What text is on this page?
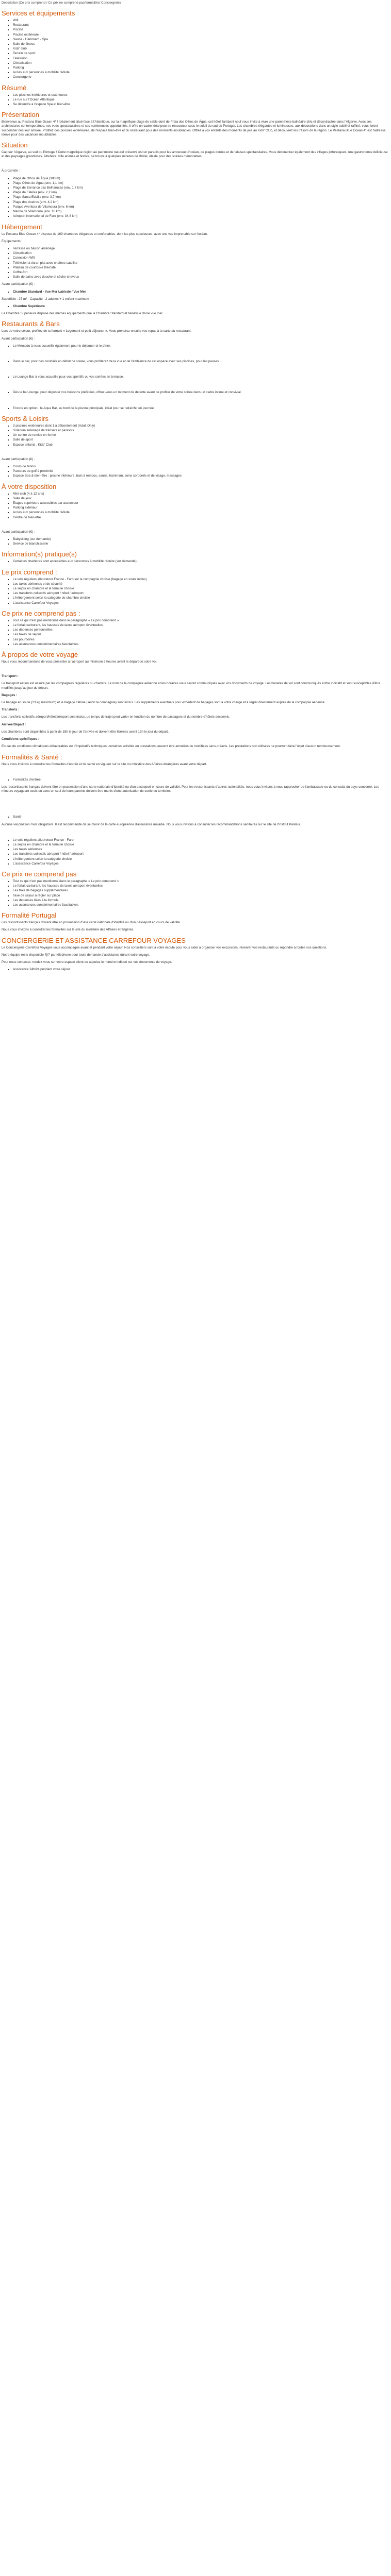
Description (Ce prix comprend / Ce prix ne comprend pas/formalités/ Conciergerie)
Services et équipements
▪ Wifi
▪ Restaurant
▪ Piscine
▪ Piscine extérieure
▪ Sauna - Hammam - Spa
▪ Salle de fitness
▪ Kids' club
▪ Terrain de sport
▪ Télévision
▪ Climatisation
▪ Parking
▪ Accès aux personnes à mobilité réduite
▪ Conciergerie
Résumé
▪ Les piscines intérieures et extérieures
▪ Le rue sur l'Océan Atlantique
▪ Se détendre à l'espace Spa et bien-être
Présentation

Bienvenue au Pestana Blue Ocean 4* ! Idéalement situé face à l'Atlantique, sur la magnifique plage de sable doré de Praia dos Olhos de Água, cet hôtel flambant neuf vous invite à vivre une parenthèse balnéaire chic et décontractée dans l'Algarve. Avec ses architectures contemporaines, ses vues spectaculaires et ses nombreuses opportunités, il offre un cadre idéal pour se ressourcer sous le soleil du sud du Portugal. Les chambres élégantes et lumineuses, aux décorations dans un style subtil et raffiné, vous feront succomber dès leur arrivée. Profitez des piscines extérieures, de l'espace bien-être et du restaurant pour des moments inoubliables. Offrez à vos enfants des moments de joie au Kids' Club, et découvrez les trésors de la région. Le Pestana Blue Ocean 4* est l'adresse idéale pour des vacances inoubliables.

Situation

Cap sur l'Algarve, au sud du Portugal ! Cette magnifique région au patrimoine naturel préservé est un paradis pour les amoureux d'océan, de plages dorées et de falaises spectaculaires. Vous découvrirez également des villages pittoresques, une gastronomie délicieuse et des paysages grandioses. Albufeira, ville animée et festive, se trouve à quelques minutes de l'hôtel, idéale pour des soirées mémorables.

À proximité :

▪ Plage de Olhos de Água (300 m)
▪ Plage Olhos de Água (env. 1,1 km)
▪ Plage de Barranco das Belharucas (env. 1,7 km)
▪ Plage da Falésia (env. 2,2 km)
▪ Plage Santa Eulália (env. 3,7 km)
▪ Plage dos Aveiros (env. 4,2 km)
▪ Parque Aventura de Vilamoura (env. 6 km)
▪ Marina de Vilamoura (env. 10 km)
▪ Aéroport international de Faro (env. 34,8 km)
Hébergement

Le Pestana Blue Ocean 4* dispose de 169 chambres élégantes et confortables, dont les plus spacieuses, avec une vue imprenable sur l'océan.

Équipements :

▪ Terrasse ou balcon aménagé
▪ Climatisation
▪ Connexion Wifi
▪ Télévision à écran plat avec chaînes satellite
▪ Plateau de courtoisie thé/café
▪ Coffre-fort
▪ Salle de bains avec douche et sèche-cheveux

Avant participation (€) :

▪ Chambre Standard - Vue Mer Latérale / Vue Mer

Superficie : 27 m² - Capacité : 2 adultes + 1 enfant maximum

▪ Chambre Supérieure

La Chambre Supérieure dispose des mêmes équipements que la Chambre Standard et bénéficie d'une vue mer.

Restaurants & Bars

Lors de votre séjour, profitez de la formule « Logement et petit déjeuner ». Vous prendrez ensuite vos repas à la carte au restaurant.

Avant participation (€) :

▪ Le Mercado à nous accueillir également pour le déjeuner et le dîner.
▪ Dans le bar, pour des cocktails en début de soirée, vous profiterez de la vue et de l'ambiance de cet espace avec ses piscines, pour les pauses.
▪ Le Lounge Bar à vous accueille pour vos apéritifs ou vos soirées en terrasse.
▪ Dès le bar-lounge, pour déguster vos boissons préférées, offrez-vous un moment de détente avant de profiter de votre soirée dans un cadre intime et convivial.
▪ Encore en option : le Aqua Bar, au bord de la piscine principale, idéal pour se rafraîchir en journée.
Sports & Loisirs
▪ 3 piscines extérieures dont 1 à débordement (Adult Only)
▪ Solarium aménagé de transats et parasols
▪ Un centre de remise en forme
▪ Salle de sport
▪ Espace enfants : Kids' Club

Avant participation (€) :

▪ Cours de tennis
▪ Parcours de golf à proximité
▪ Espace Spa & bien-être : piscine intérieure, bain à remous, sauna, hammam, soins corporels et de visage, massages
À votre disposition
▪ Mini-club (4 à 12 ans)
▪ Salle de jeux
▪ Étages supérieurs accessibles par ascenseur
▪ Parking extérieur
▪ Accès aux personnes à mobilité réduite
▪ Centre de bien-être

Avant participation (€) :

▪ Babysitting (sur demande)
▪ Service de blanchisserie
Information(s) pratique(s)
▪ Certaines chambres sont accessibles aux personnes à mobilité réduite (sur demande)
Le prix comprend :
▪ Le vols réguliers aller/retour France - Faro sur la compagnie choisie (bagage en soute inclus)
▪ Les taxes aériennes et de sécurité
▪ Le séjour en chambre et la formule choisie
▪ Les transferts collectifs aéroport / hôtel / aéroport
▪ L'hébergement selon la catégorie de chambre choisie
▪ L'assistance Carrefour Voyages
Ce prix ne comprend pas :
▪ Tout ce qui n'est pas mentionné dans le paragraphe « Le prix comprend »
▪ Le forfait carburant, les hausses de taxes aéroport éventuelles
▪ Les dépenses personnelles
▪ Les taxes de séjour
▪ Les pourboires
▪ Les assurances complémentaires facultatives
À propos de votre voyage

Nous vous recommandons de vous présenter à l'aéroport au minimum 2 heures avant le départ de votre vol.

Transport :

Le transport aérien est assuré par les compagnies régulières ou charters. Le nom de la compagnie aérienne et les horaires vous seront communiqués avec vos documents de voyage. Les horaires de vol sont communiqués à titre indicatif et sont susceptibles d'être modifiés jusqu'au jour du départ.

Bagages :

Le bagage en soute (23 kg maximum) et le bagage cabine (selon la compagnie) sont inclus. Les suppléments éventuels pour excédent de bagages sont à votre charge et à régler directement auprès de la compagnie aérienne.

Transferts :

Les transferts collectifs aéroport/hôtel/aéroport sont inclus. Le temps de trajet peut varier en fonction du nombre de passagers et du nombre d'hôtels desservis.

Arrivée/Départ :

Les chambres sont disponibles à partir de 15h le jour de l'arrivée et doivent être libérées avant 12h le jour du départ.

Conditions spécifiques :

En cas de conditions climatiques défavorables ou d'impératifs techniques, certaines activités ou prestations peuvent être annulées ou modifiées sans préavis. Les prestations non utilisées ne pourront faire l'objet d'aucun remboursement.

Formalités & Santé :

Nous vous invitons à consulter les formalités d'entrée et de santé en vigueur sur le site du ministère des Affaires étrangères avant votre départ.

▪ Formalités d'entrée

Les ressortissants français doivent être en possession d'une carte nationale d'identité ou d'un passeport en cours de validité. Pour les ressortissants d'autres nationalités, nous vous invitons à vous rapprocher de l'ambassade ou du consulat du pays concerné. Les mineurs voyageant seuls ou avec un seul de leurs parents doivent être munis d'une autorisation de sortie du territoire.

▪ Santé

Aucune vaccination n'est obligatoire. Il est recommandé de se munir de la carte européenne d'assurance maladie. Nous vous invitons à consulter les recommandations sanitaires sur le site de l'Institut Pasteur.

▪ Le vols réguliers aller/retour France - Faro
▪ Le séjour en chambre et la formule choisie
▪ Les taxes aériennes
▪ Les transferts collectifs aéroport / hôtel / aéroport
▪ L'hébergement selon la catégorie choisie
▪ L'assistance Carrefour Voyages
Ce prix ne comprend pas
▪ Tout ce qui n'est pas mentionné dans le paragraphe « Le prix comprend »
▪ Le forfait carburant, les hausses de taxes aéroport éventuelles
▪ Les frais de bagages supplémentaires
▪ Taxe de séjour à régler sur place
▪ Les dépenses liées à la formule
▪ Les assurances complémentaires facultatives
Formalité Portugal

Les ressortissants français doivent être en possession d'une carte nationale d'identité ou d'un passeport en cours de validité.

Nous vous invitons à consulter les formalités sur le site du ministère des Affaires étrangères.

CONCIERGERIE ET ASSISTANCE CARREFOUR VOYAGES

Le Conciergerie Carrefour Voyages vous accompagne avant et pendant votre séjour. Nos conseillers sont à votre écoute pour vous aider à organiser vos excursions, réserver vos restaurants ou répondre à toutes vos questions.

Notre équipe reste disponible 7j/7 par téléphone pour toute demande d'assistance durant votre voyage.

Pour nous contacter, rendez-vous sur votre espace client ou appelez le numéro indiqué sur vos documents de voyage.

▪ Assistance 24h/24 pendant votre séjour
